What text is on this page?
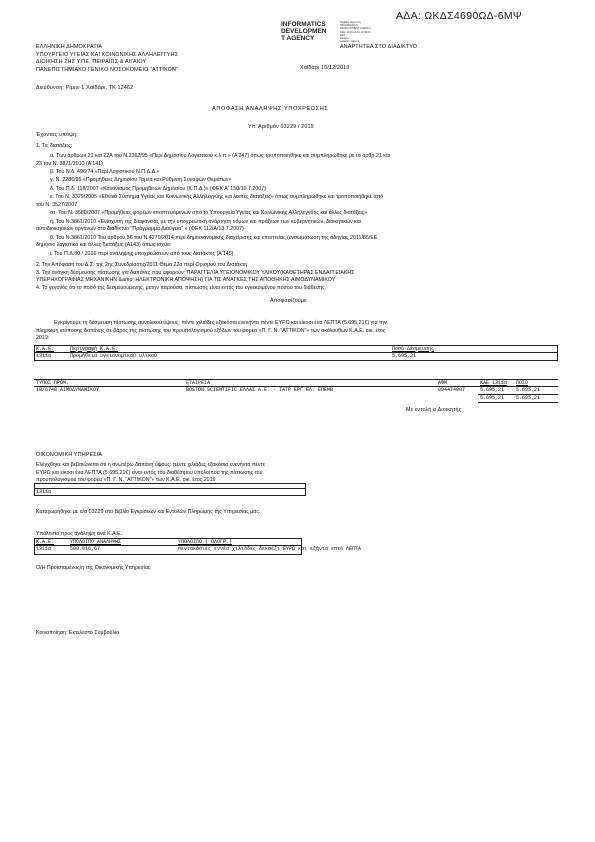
ΑΔΑ: ΩΚΔΣ4690ΩΔ-6ΜΨ
INFORMATICS
DEVELOPMEN
T AGENCY
Digitally signed by
INFORMATICS
DEVELOPMENT AGENCY
Date: 2019.12.16 11:09:06
EET
Reason:
Location: Athens
ΑΝΑΡΤΗΤΕΑ ΣΤΟ ΔΙΑΔΙΚΤΥΟ
ΕΛΛΗΝΙΚΗ ΔΗΜΟΚΡΑΤΙΑ
ΥΠΟΥΡΓΕΙΟ ΥΓΕΙΑΣ ΚΑΙ ΚΟΙΝΩΝΙΚΗΣ ΑΛΛΗΛΕΓΓΥΗΣ
ΔΙΟΙΚΗΣΗ 2ΗΣ Υ.ΠΕ. ΠΕΙΡΑΙΩΣ & ΑΙΓΑΙΟΥ
ΠΑΝΕΠΙΣΤΗΜΙΑΚΟ ΓΕΝΙΚΟ ΝΟΣΟΚΟΜΕΙΟ "ΑΤΤΙΚΟΝ"	Χαϊδάρι 10/12/2019
Διεύθυνση: Ρίμινι 1 Χαϊδάρι, ΤΚ 12462
ΑΠΟΦΑΣΗ ΑΝΑΛΗΨΗΣ ΥΠΟΧΡΕΩΣΗΣ
Υπ' Αριθμόν 03229 / 2019
Έχοντας υπόψη:
1. Τις διατάξεις:
α. Των άρθρων 21 και 22Α του Ν.2362/95 «Περί Δημοσίου Λογιστικού κ.λ.π.» (Α'247) όπως τροποποιήθηκε και συμπληρώθηκε με τα άρθρ.21 και
23 του Ν. 3871/2010 (Α'141)
β. Του Ν.δ. 496/74 «Περί Λογιστικού Ν.Π.Δ.Δ.»
γ. Ν. 2286/95 «Προμήθειες Δημοσίου Τομέα και Ρύθμιση Συναφών Θεμάτων»
δ. Του Π.δ. 118/2007 «Κανονισμός Προμηθειών Δημοσίου (Κ.Π.Δ.)» (ΦΕΚ Α' 150/10.7.2007)
ε. Του Ν. 3329/2005 «Εθνικό Σύστημα Υγείας και Κοινωνικής Αλληλεγγύης και λοιπές διατάξεις» όπως συμπληρώθηκε και τροποποιήθηκε από
του Ν. 3527/2007
στ. Του Ν. 3580/2007 «Προμήθειες φορέων εποπτευόμενων από το Υπουργείο Υγείας και Κοινωνικής Αλληλεγγύης και άλλες διατάξεις»
ή. Του Ν.3861/2010 «Ενίσχυση της διαφάνειας με την υποχρεωτική ανάρτηση νόμων και πράξεων των κυβερνητικών, διοικητικών και
αυτοδιοικητικών οργάνων στο διαδίκτυο "Πρόγραμμα Διαύγεια" » (ΦΕΚ 112/Α/13.7.2007)
θ. Του Ν.3861/2010 Του άρθρου 56 του Ν.4270/2014 περί δημοσιονομικής διαχείρισης και εποπτείας (ενσωμάτωση της οδηγίας 2011/85/ΕΕ
δημόσιο λογιστικό και άλλες διατάξεις (Α143) όπως ισχύει
ι. Του Π.Δ.80 / 2016 περί ανάληψης υποχρεώσεων από τους διατάκτες (Α'145)
2. Την Απόφαση του Δ.Σ. της 2ης Συνεδρίασης/2011 Θέμα 22ο περί Ορισμού του Διατάκτη
3. Την ανάγκη δέσμευσης πίστωσης για δαπάνες που αφορούν: ΠΑΡΑΓΓΕΛΙΑ ΥΓΕΙΟΝΟΜΙΚΟΥ ΥΛΙΚΟΥ(ΚΑΘΕΤΗΡΑΣ ΕΝΔΑΓΓΕΙΑΚΗΣ
ΥΠΕΡΗΧΟΓΡΑΦΙΑΣ ΜΗΧΑΝΙΚΗΝ &amp; ΗΛΕΚΤΡΟΝΙΚΗ ΑΠΟΨΗΣΗ) ΓΙΑ ΤΙΣ ΑΝΑΓΚΕΣ ΤΗΣ ΑΠΟΘΗΚΗΣ ΑΙΜΟΔΥΝΑΜΙΚΟΥ
4. Το γεγονός ότι το ποσό της δεσμεύουμενης, μετην παρούσα, πίστωσης είναι εντός του εγκεκριμένου ποσού του διάθεσης.
Αποφασίζουμε
Εγκρίνουμε τη δέσμευση πίστωσης συνολικού ύψους: πέντε χιλιάδες εξακόσια ενενήντα πέντε ΕΥΡΩ και είκοσι ένα ΛΕΠΤΑ (5.695,21€) για την
πληρωμή ισόποσης δαπάνης σε βάρος της πίστωσης του προυπολογισμού εξόδων του φορέα «Π. Γ. Ν. "ΑΤΤΙΚΟΝ"» των ακόλουθων Κ.Α.Ε. οικ. έτος
2019:
Κ.Α.Ε.	Περιγραφή Κ.Α.Ε.	Ποσό Δέσμευσης
1311α	Προμήθεια υγειονομικού υλικού	5.695,21
ΤΥΠΟΣ ΠΡΟΜ.	ΕΤΑΙΡΕΙΑ	ΑΦΜ	ΚΑΕ 1311α ΠΟΣΟ
18/6748 ΑΙΜΟΔΥΝΑΜΙΚΟΥ	BOSTON SCIENTIFIC ΕΛΛΑΣ Α.Ε. - ΙΑΤΡ ΕΡΓ ΕΛ. ΕΠΕΜΒ	094474807	5.695,21 5.695,21
5.695,21 5.695,21
Με εντολή ο Διοικητής
ΟΙΚΟΝΟΜΙΚΗ ΥΠΗΡΕΣΙΑ
Ελέγχθηκε και βεβαιώνεται ότι η ανωτέρω δαπάνη ύψους: πέντε χιλιάδες εξακόσια ενενήντα πέντε
ΕΥΡΩ και είκοσι ένα ΛΕΠΤΑ (5.695,21€) είναι εντός του διαθέσιμου υπολοίπου της πίστωσης του
προυπολογισμού του φορέα «Π. Γ. Ν. "ΑΤΤΙΚΟΝ"» των Κ.Α.Ε. οικ. έτος 2019
1311α
Καταχωρήθηκε με α/α 03229 στο Βιβλίο Εγκρίσεων και Εντολών Πληρωμής της Υπηρεσίας μας.
Υπόλοιπο προς ανάληψη ανά Κ.Α.Ε.:
Κ.Α.Ε.	ΥΠΟΛΟΙΠΟ ΑΝΑΛΗΨΗΣ	ΥΠΟΛΟΙΠΟ ( ΟΛΟΓΡ.)
1311α	509.016,67	πεντακόσιες εννέα χιλιάδες δεκαέξι ΕΥΡΩ και εξήντα επτά ΛΕΠΤΑ
Ο/Η Προισταμένος/η της Οικονομικής Υπηρεσίας
Κοινοποίηση: Εκτελεστό Συμβούλιο
